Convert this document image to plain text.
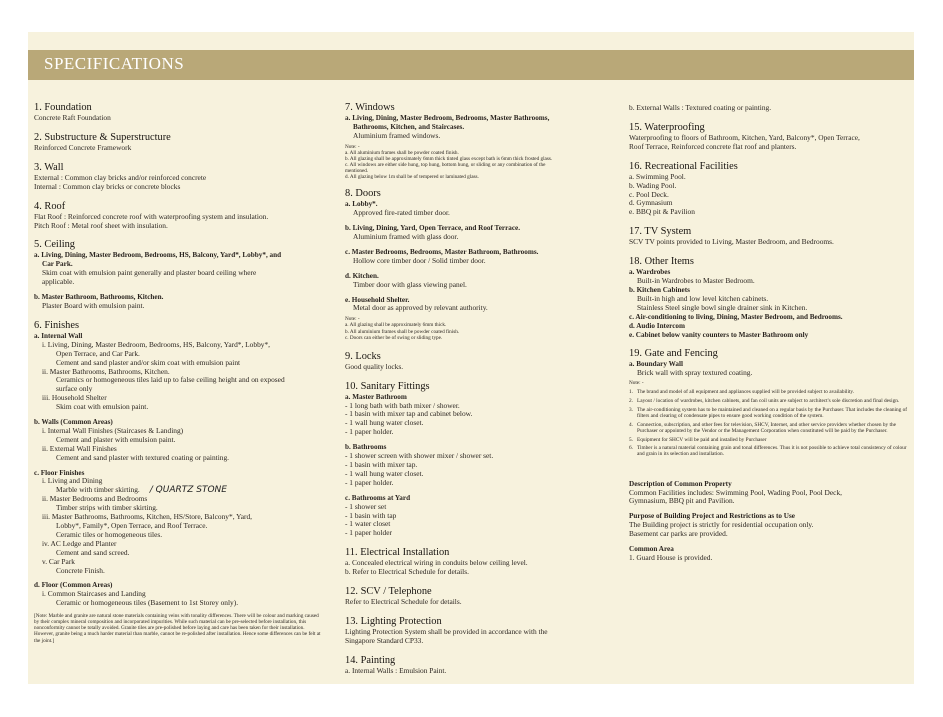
SPECIFICATIONS
1. Foundation
Concrete Raft Foundation
2. Substructure & Superstructure
Reinforced Concrete Framework
3. Wall
External : Common clay bricks and/or reinforced concrete
Internal : Common clay bricks or concrete blocks
4. Roof
Flat Roof : Reinforced concrete roof with waterproofing system and insulation.
Pitch Roof : Metal roof sheet with insulation.
5. Ceiling
a. Living, Dining, Master Bedroom, Bedrooms, HS, Balcony, Yard*, Lobby*, and
Car Park.
Skim coat with emulsion paint generally and plaster board ceiling where
applicable.
b. Master Bathroom, Bathrooms, Kitchen.
Plaster Board with emulsion paint.
6. Finishes
a. Internal Wall
i. Living, Dining, Master Bedroom, Bedrooms, HS, Balcony, Yard*, Lobby*,
Open Terrace, and Car Park.
Cement and sand plaster and/or skim coat with emulsion paint
ii. Master Bathrooms, Bathrooms, Kitchen.
Ceramics or homogeneous tiles laid up to false ceiling height and on exposed
surface only
iii. Household Shelter
Skim coat with emulsion paint.
b. Walls (Common Areas)
i. Internal Wall Finishes (Staircases & Landing)
Cement and plaster with emulsion paint.
ii. External Wall Finishes
Cement and sand plaster with textured coating or painting.
c. Floor Finishes
i. Living and Dining
Marble with timber skirting. / QUARTZ STONE
ii. Master Bedrooms and Bedrooms
Timber strips with timber skirting.
iii. Master Bathrooms, Bathrooms, Kitchen, HS/Store, Balcony*, Yard,
Lobby*, Family*, Open Terrace, and Roof Terrace.
Ceramic tiles or homogeneous tiles.
iv. AC Ledge and Planter
Cement and sand screed.
v. Car Park
Concrete Finish.
d. Floor (Common Areas)
i. Common Staircases and Landing
Ceramic or homogeneous tiles (Basement to 1st Storey only).
[Note: Marble and granite are natural stone materials containing veins with tonality differences. There will be colour and marking caused by their complex mineral composition and incorporated impurities. While such material can be pre-selected before installation, this nonconformity cannot be totally avoided. Granite tiles are pre-polished before laying and care has been taken for their installation. However, granite being a much harder material than marble, cannot be re-polished after installation. Hence some differences can be felt at the joint.]
7. Windows
a. Living, Dining, Master Bedroom, Bedrooms, Master Bathrooms,
Bathrooms, Kitchen, and Staircases.
Aluminium framed windows.
Note: -
a. All aluminium frames shall be powder coated finish.
b. All glazing shall be approximately 6mm thick tinted glass except bath is 6mm thick frosted glass.
c. All windows are either side hung, top hung, bottom hung, or sliding or any combination of the
mentioned.
d. All glazing below 1m shall be of tempered or laminated glass.
8. Doors
a. Lobby*.
Approved fire-rated timber door.
b. Living, Dining, Yard, Open Terrace, and Roof Terrace.
Aluminium framed with glass door.
c. Master Bedrooms, Bedrooms, Master Bathroom, Bathrooms.
Hollow core timber door / Solid timber door.
d. Kitchen.
Timber door with glass viewing panel.
e. Household Shelter.
Metal door as approved by relevant authority.
Note: -
a. All glazing shall be approximately 6mm thick.
b. All aluminium frames shall be powder coated finish.
c. Doors can either be of swing or sliding type.
9. Locks
Good quality locks.
10. Sanitary Fittings
a. Master Bathroom
- 1 long bath with bath mixer / shower.
- 1 basin with mixer tap and cabinet below.
- 1 wall hung water closet.
- 1 paper holder.
b. Bathrooms
- 1 shower screen with shower mixer / shower set.
- 1 basin with mixer tap.
- 1 wall hung water closet.
- 1 paper holder.
c. Bathrooms at Yard
- 1 shower set
- 1 basin with tap
- 1 water closet
- 1 paper holder
11. Electrical Installation
a. Concealed electrical wiring in conduits below ceiling level.
b. Refer to Electrical Schedule for details.
12. SCV / Telephone
Refer to Electrical Schedule for details.
13. Lighting Protection
Lighting Protection System shall be provided in accordance with the
Singapore Standard CP33.
14. Painting
a. Internal Walls : Emulsion Paint.
b. External Walls : Textured coating or painting.
15. Waterproofing
Waterproofing to floors of Bathroom, Kitchen, Yard, Balcony*, Open Terrace,
Roof Terrace, Reinforced concrete flat roof and planters.
16. Recreational Facilities
a. Swimming Pool.
b. Wading Pool.
c. Pool Deck.
d. Gymnasium
e. BBQ pit & Pavilion
17. TV System
SCV TV points provided to Living, Master Bedroom, and Bedrooms.
18. Other Items
a. Wardrobes
Built-in Wardrobes to Master Bedroom.
b. Kitchen Cabinets
Built-in high and low level kitchen cabinets.
Stainless Steel single bowl single drainer sink in Kitchen.
c. Air-conditioning to living, Dining, Master Bedroom, and Bedrooms.
d. Audio Intercom
e. Cabinet below vanity counters to Master Bathroom only
19. Gate and Fencing
a. Boundary Wall
Brick wall with spray textured coating.
Note: -
1. The brand and model of all equipment and appliances supplied will be provided subject to availability.
2. Layout / location of wardrobes, kitchen cabinets, and fan coil units are subject to architect's sole discretion and final design.
3. The air-conditioning system has to be maintained and cleaned on a regular basis by the Purchaser. That includes the cleaning of filters and clearing of condensate pipes to ensure good working condition of the system.
4. Connection, subscription, and other fees for television, SHCV, Internet, and other service providers whether chosen by the Purchaser or appointed by the Vendor or the Management Corporation when constituted will be paid by the Purchaser.
5. Equipment for SHCV will be paid and installed by Purchaser
6. Timber is a natural material containing grain and tonal differences. Thus it is not possible to achieve total consistency of colour and grain in its selection and installation.
Description of Common Property
Common Facilities includes: Swimming Pool, Wading Pool, Pool Deck,
Gymnasium, BBQ pit and Pavilion.
Purpose of Building Project and Restrictions as to Use
The Building project is strictly for residential occupation only.
Basement car parks are provided.
Common Area
1. Guard House is provided.
